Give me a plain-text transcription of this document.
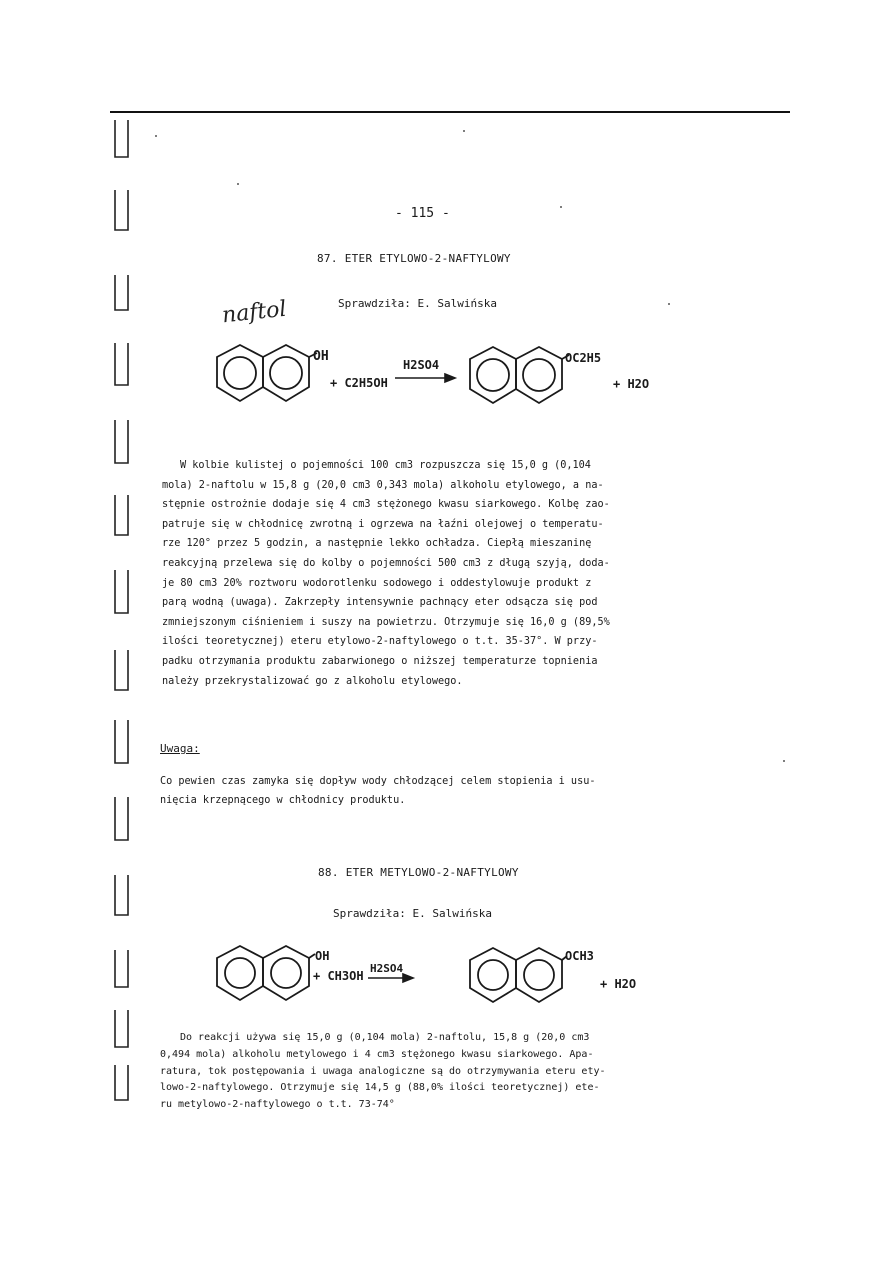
- 115 -
87. ETER ETYLOWO-2-NAFTYLOWY
Sprawdziła: E. Salwińska
naftol
OH
+ C2H5OH
H2SO4	OC2H5
+ H2O

W kolbie kulistej o pojemności 100 cm3 rozpuszcza się 15,0 g (0,104

mola) 2-naftolu w 15,8 g (20,0 cm3 0,343 mola) alkoholu etylowego, a na-

stępnie ostrożnie dodaje się 4 cm3 stężonego kwasu siarkowego. Kolbę zao-

patruje się w chłodnicę zwrotną i ogrzewa na łaźni olejowej o temperatu-

rze 120° przez 5 godzin, a następnie lekko ochładza. Ciepłą mieszaninę

reakcyjną przelewa się do kolby o pojemności 500 cm3 z długą szyją, doda-

je 80 cm3 20% roztworu wodorotlenku sodowego i oddestylowuje produkt z

parą wodną (uwaga). Zakrzepły intensywnie pachnący eter odsącza się pod

zmniejszonym ciśnieniem i suszy na powietrzu. Otrzymuje się 16,0 g (89,5%

ilości teoretycznej) eteru etylowo-2-naftylowego o t.t. 35-37°. W przy-

padku otrzymania produktu zabarwionego o niższej temperaturze topnienia

należy przekrystalizować go z alkoholu etylowego.

Uwaga:
Co pewien czas zamyka się dopływ wody chłodzącej celem stopienia i usu-
nięcia krzepnącego w chłodnicy produktu.
88. ETER METYLOWO-2-NAFTYLOWY
Sprawdziła: E. Salwińska
OH
+ CH3OH
H2SO4
OCH3
+ H2O
Do reakcji używa się 15,0 g (0,104 mola) 2-naftolu, 15,8 g (20,0 cm3
0,494 mola) alkoholu metylowego i 4 cm3 stężonego kwasu siarkowego. Apa-
ratura, tok postępowania i uwaga analogiczne są do otrzymywania eteru ety-
lowo-2-naftylowego. Otrzymuje się 14,5 g (88,0% ilości teoretycznej) ete-
ru metylowo-2-naftylowego o t.t. 73-74°
